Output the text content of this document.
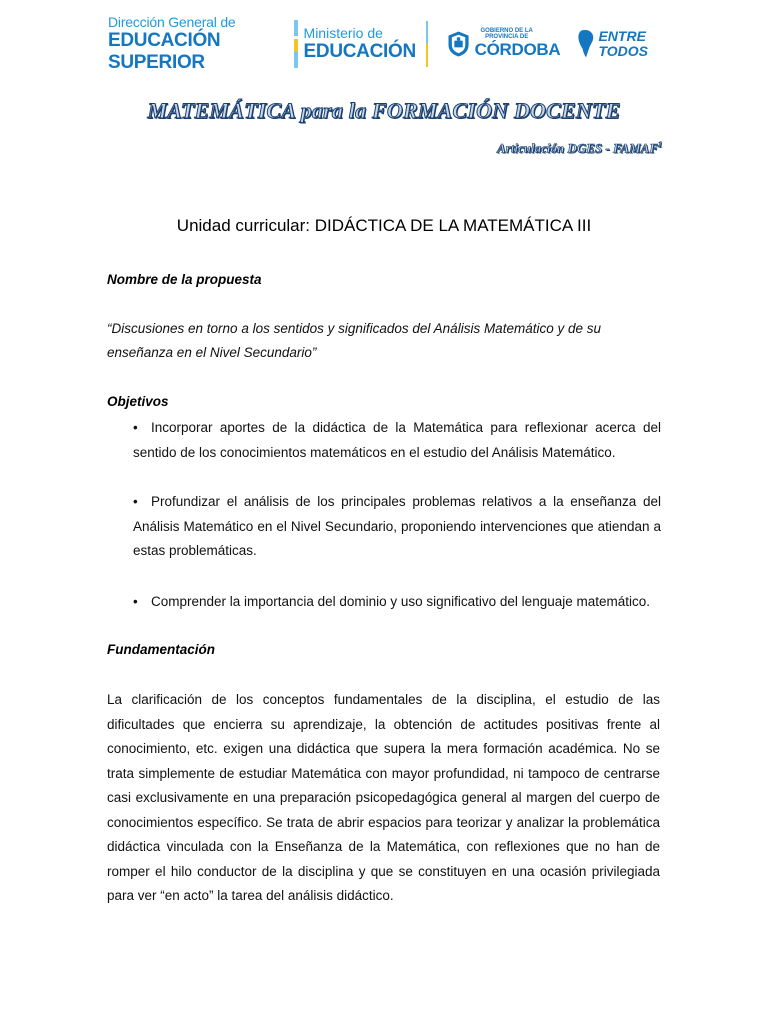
Dirección General de
EDUCACIÓN SUPERIOR
Ministerio de
EDUCACIÓN
GOBIERNO DE LA PROVINCIA DE
CÓRDOBA
ENTRE
TODOS
MATEMÁTICA para la FORMACIÓN DOCENTE
Articulación DGES - FAMAF$^1$
Unidad curricular: DIDÁCTICA DE LA MATEMÁTICA III
Nombre de la propuesta
“Discusiones en torno a los sentidos y significados del Análisis Matemático y de su
enseñanza en el Nivel Secundario”
Objetivos
•Incorporar aportes de la didáctica de la Matemática para reflexionar acerca del sentido de los conocimientos matemáticos en el estudio del Análisis Matemático.
•Profundizar el análisis de los principales problemas relativos a la enseñanza del Análisis Matemático en el Nivel Secundario, proponiendo intervenciones que atiendan a estas problemáticas.
•Comprender la importancia del dominio y uso significativo del lenguaje matemático.
Fundamentación
La clarificación de los conceptos fundamentales de la disciplina, el estudio de las dificultades que encierra su aprendizaje, la obtención de actitudes positivas frente al conocimiento, etc. exigen una didáctica que supera la mera formación académica. No se trata simplemente de estudiar Matemática con mayor profundidad, ni tampoco de centrarse casi exclusivamente en una preparación psicopedagógica general al margen del cuerpo de conocimientos específico. Se trata de abrir espacios para teorizar y analizar la problemática didáctica vinculada con la Enseñanza de la Matemática, con reflexiones que no han de romper el hilo conductor de la disciplina y que se constituyen en una ocasión privilegiada para ver “en acto” la tarea del análisis didáctico.
